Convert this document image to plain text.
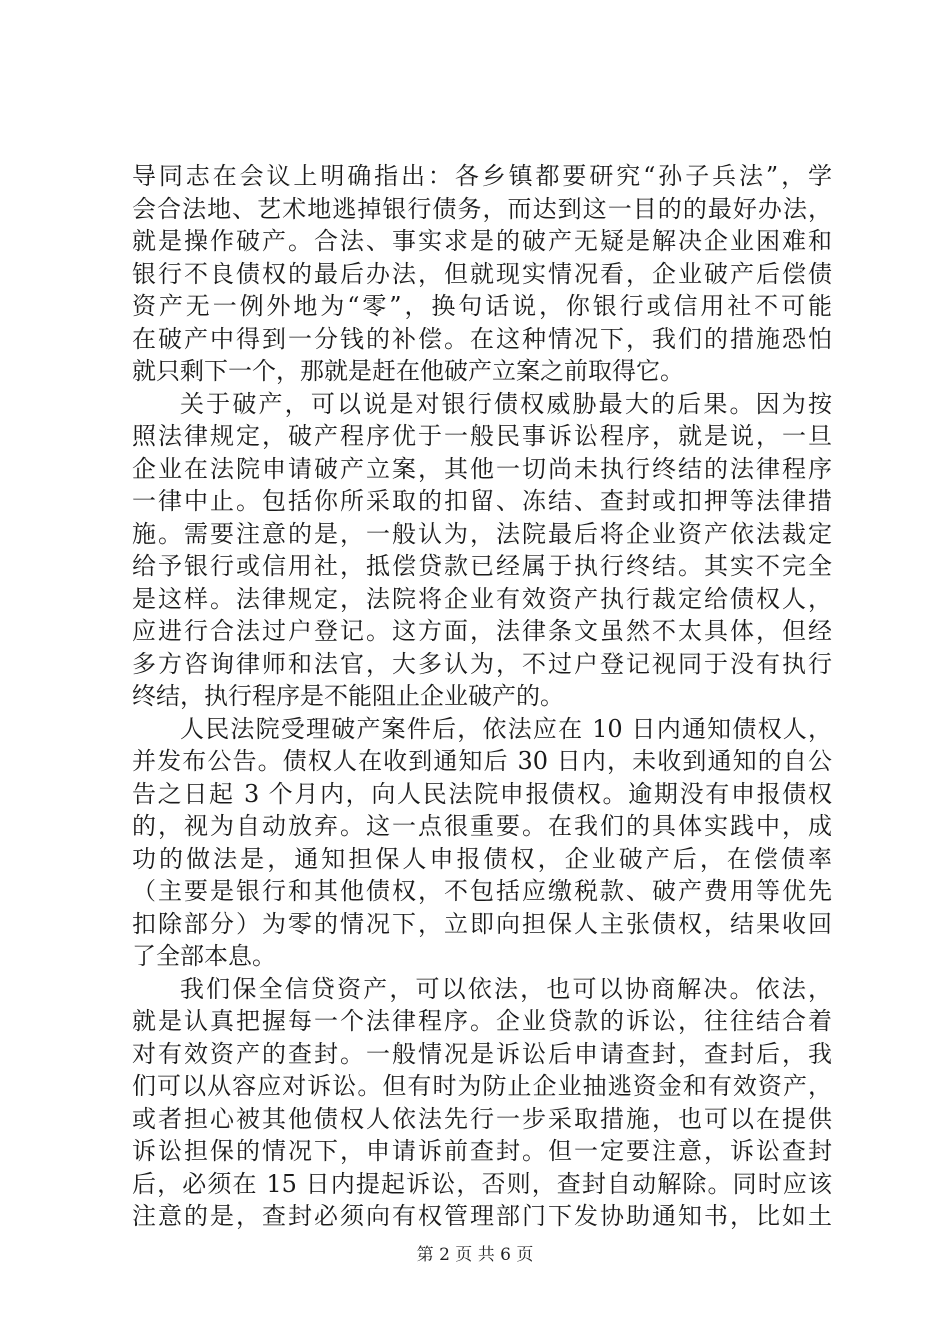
导同志在会议上明确指出：各乡镇都要研究“孙子兵法”，学
会合法地、艺术地逃掉银行债务，而达到这一目的的最好办法，
就是操作破产。合法、事实求是的破产无疑是解决企业困难和
银行不良债权的最后办法，但就现实情况看，企业破产后偿债
资产无一例外地为“零”，换句话说，你银行或信用社不可能
在破产中得到一分钱的补偿。在这种情况下，我们的措施恐怕
就只剩下一个，那就是赶在他破产立案之前取得它。
关于破产，可以说是对银行债权威胁最大的后果。因为按
照法律规定，破产程序优于一般民事诉讼程序，就是说，一旦
企业在法院申请破产立案，其他一切尚未执行终结的法律程序
一律中止。包括你所采取的扣留、冻结、查封或扣押等法律措
施。需要注意的是，一般认为，法院最后将企业资产依法裁定
给予银行或信用社，抵偿贷款已经属于执行终结。其实不完全
是这样。法律规定，法院将企业有效资产执行裁定给债权人，
应进行合法过户登记。这方面，法律条文虽然不太具体，但经
多方咨询律师和法官，大多认为，不过户登记视同于没有执行
终结，执行程序是不能阻止企业破产的。
人民法院受理破产案件后，依法应在 10 日内通知债权人，
并发布公告。债权人在收到通知后 30 日内，未收到通知的自公
告之日起 3 个月内，向人民法院申报债权。逾期没有申报债权
的，视为自动放弃。这一点很重要。在我们的具体实践中，成
功的做法是，通知担保人申报债权，企业破产后，在偿债率
（主要是银行和其他债权，不包括应缴税款、破产费用等优先
扣除部分）为零的情况下，立即向担保人主张债权，结果收回
了全部本息。
我们保全信贷资产，可以依法，也可以协商解决。依法，
就是认真把握每一个法律程序。企业贷款的诉讼，往往结合着
对有效资产的查封。一般情况是诉讼后申请查封，查封后，我
们可以从容应对诉讼。但有时为防止企业抽逃资金和有效资产，
或者担心被其他债权人依法先行一步采取措施，也可以在提供
诉讼担保的情况下，申请诉前查封。但一定要注意，诉讼查封
后，必须在 15 日内提起诉讼，否则，查封自动解除。同时应该
注意的是，查封必须向有权管理部门下发协助通知书，比如土
第 2 页 共 6 页
